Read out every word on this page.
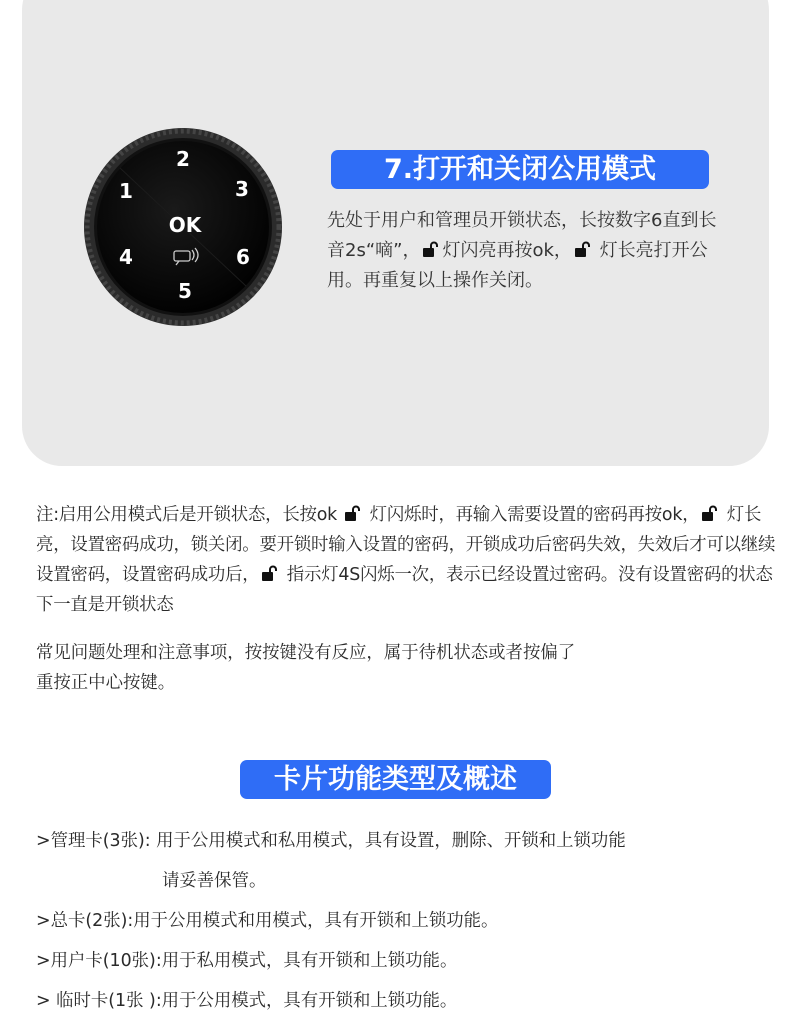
2
1	3
OK
4	6
5
7.打开和关闭公用模式
先处于用户和管理员开锁状态，长按数字6直到长音2s“嘀”， 灯闪亮再按ok， 灯长亮打开公用。再重复以上操作关闭。
注:启用公用模式后是开锁状态，长按ok  灯闪烁时，再输入需要设置的密码再按ok， 灯长亮，设置密码成功，锁关闭。要开锁时输入设置的密码，开锁成功后密码失效，失效后才可以继续设置密码，设置密码成功后， 指示灯4S闪烁一次，表示已经设置过密码。没有设置密码的状态下一直是开锁状态
常见问题处理和注意事项，按按键没有反应，属于待机状态或者按偏了
重按正中心按键。
卡片功能类型及概述
>管理卡(3张): 用于公用模式和私用模式，具有设置，删除、开锁和上锁功能
请妥善保管。
>总卡(2张):用于公用模式和用模式，具有开锁和上锁功能。
>用户卡(10张):用于私用模式，具有开锁和上锁功能。
> 临时卡(1张 ):用于公用模式，具有开锁和上锁功能。
